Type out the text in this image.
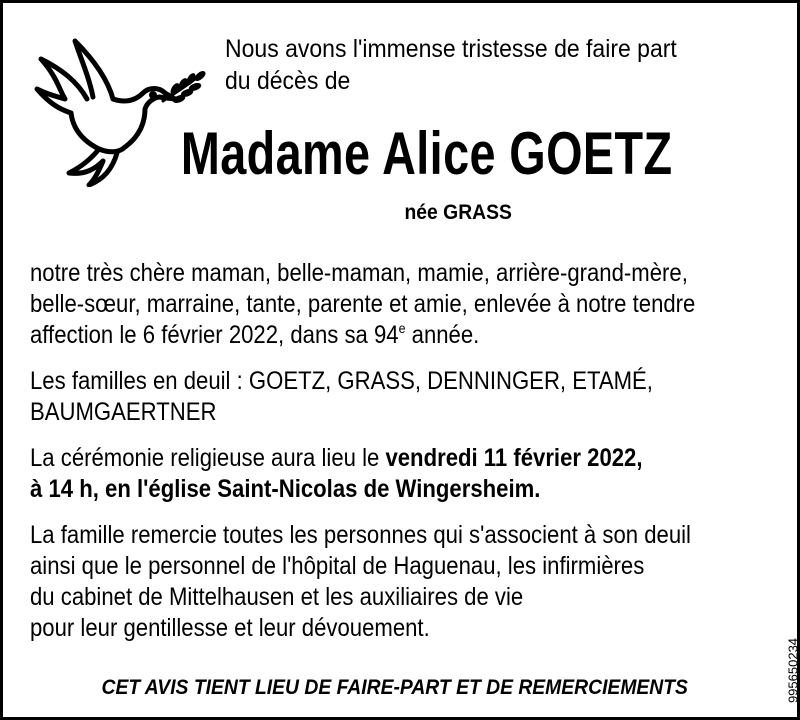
Nous avons l'immense tristesse de faire part
du décès de
Madame Alice GOETZ
née GRASS

notre très chère maman, belle-maman, mamie, arrière-grand-mère,

belle-sœur, marraine, tante, parente et amie, enlevée à notre tendre

affection le 6 février 2022, dans sa 94e année.

Les familles en deuil : GOETZ, GRASS, DENNINGER, ETAMÉ,

BAUMGAERTNER

La cérémonie religieuse aura lieu le vendredi 11 février 2022,

à 14 h, en l'église Saint-Nicolas de Wingersheim.

La famille remercie toutes les personnes qui s'associent à son deuil

ainsi que le personnel de l'hôpital de Haguenau, les infirmières

du cabinet de Mittelhausen et les auxiliaires de vie

pour leur gentillesse et leur dévouement.

CET AVIS TIENT LIEU DE FAIRE-PART ET DE REMERCIEMENTS	995650234
